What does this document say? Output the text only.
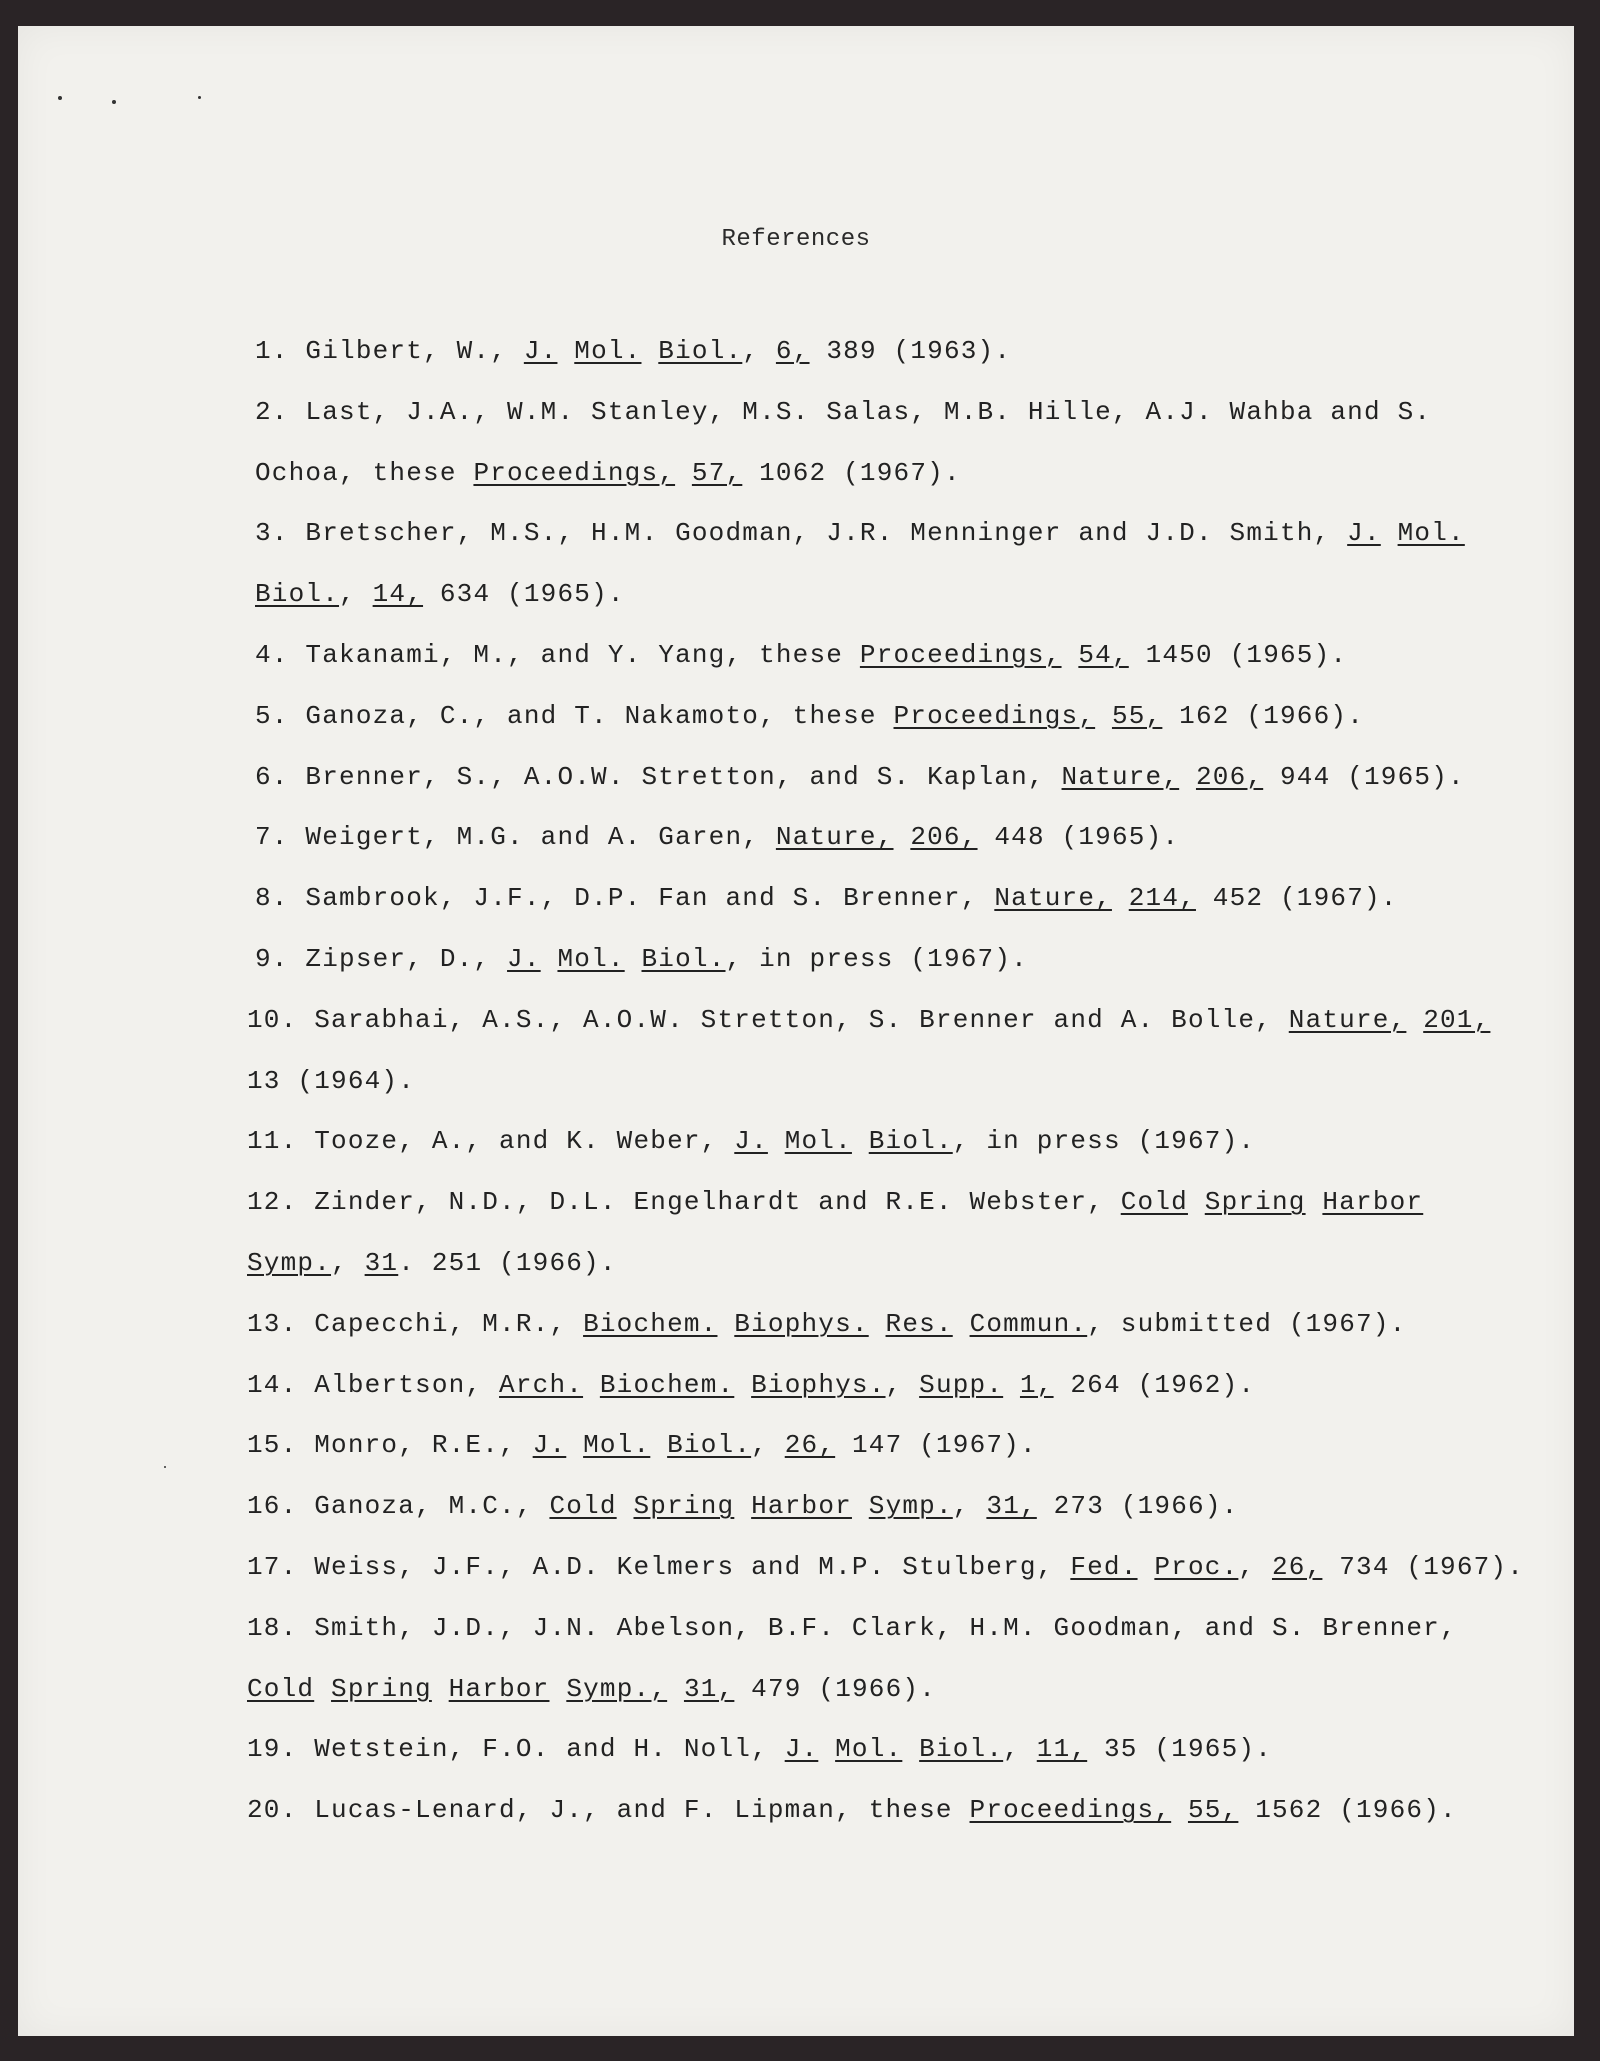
References
1. Gilbert, W., J. Mol. Biol., 6, 389 (1963).
2. Last, J.A., W.M. Stanley, M.S. Salas, M.B. Hille, A.J. Wahba and S.
Ochoa, these Proceedings, 57, 1062 (1967).
3. Bretscher, M.S., H.M. Goodman, J.R. Menninger and J.D. Smith, J. Mol.
Biol., 14, 634 (1965).
4. Takanami, M., and Y. Yang, these Proceedings, 54, 1450 (1965).
5. Ganoza, C., and T. Nakamoto, these Proceedings, 55, 162 (1966).
6. Brenner, S., A.O.W. Stretton, and S. Kaplan, Nature, 206, 944 (1965).
7. Weigert, M.G. and A. Garen, Nature, 206, 448 (1965).
8. Sambrook, J.F., D.P. Fan and S. Brenner, Nature, 214, 452 (1967).
9. Zipser, D., J. Mol. Biol., in press (1967).
10. Sarabhai, A.S., A.O.W. Stretton, S. Brenner and A. Bolle, Nature, 201,
13 (1964).
11. Tooze, A., and K. Weber, J. Mol. Biol., in press (1967).
12. Zinder, N.D., D.L. Engelhardt and R.E. Webster, Cold Spring Harbor
Symp., 31. 251 (1966).
13. Capecchi, M.R., Biochem. Biophys. Res. Commun., submitted (1967).
14. Albertson, Arch. Biochem. Biophys., Supp. 1, 264 (1962).
15. Monro, R.E., J. Mol. Biol., 26, 147 (1967).
16. Ganoza, M.C., Cold Spring Harbor Symp., 31, 273 (1966).
17. Weiss, J.F., A.D. Kelmers and M.P. Stulberg, Fed. Proc., 26, 734 (1967).
18. Smith, J.D., J.N. Abelson, B.F. Clark, H.M. Goodman, and S. Brenner,
Cold Spring Harbor Symp., 31, 479 (1966).
19. Wetstein, F.O. and H. Noll, J. Mol. Biol., 11, 35 (1965).
20. Lucas-Lenard, J., and F. Lipman, these Proceedings, 55, 1562 (1966).
